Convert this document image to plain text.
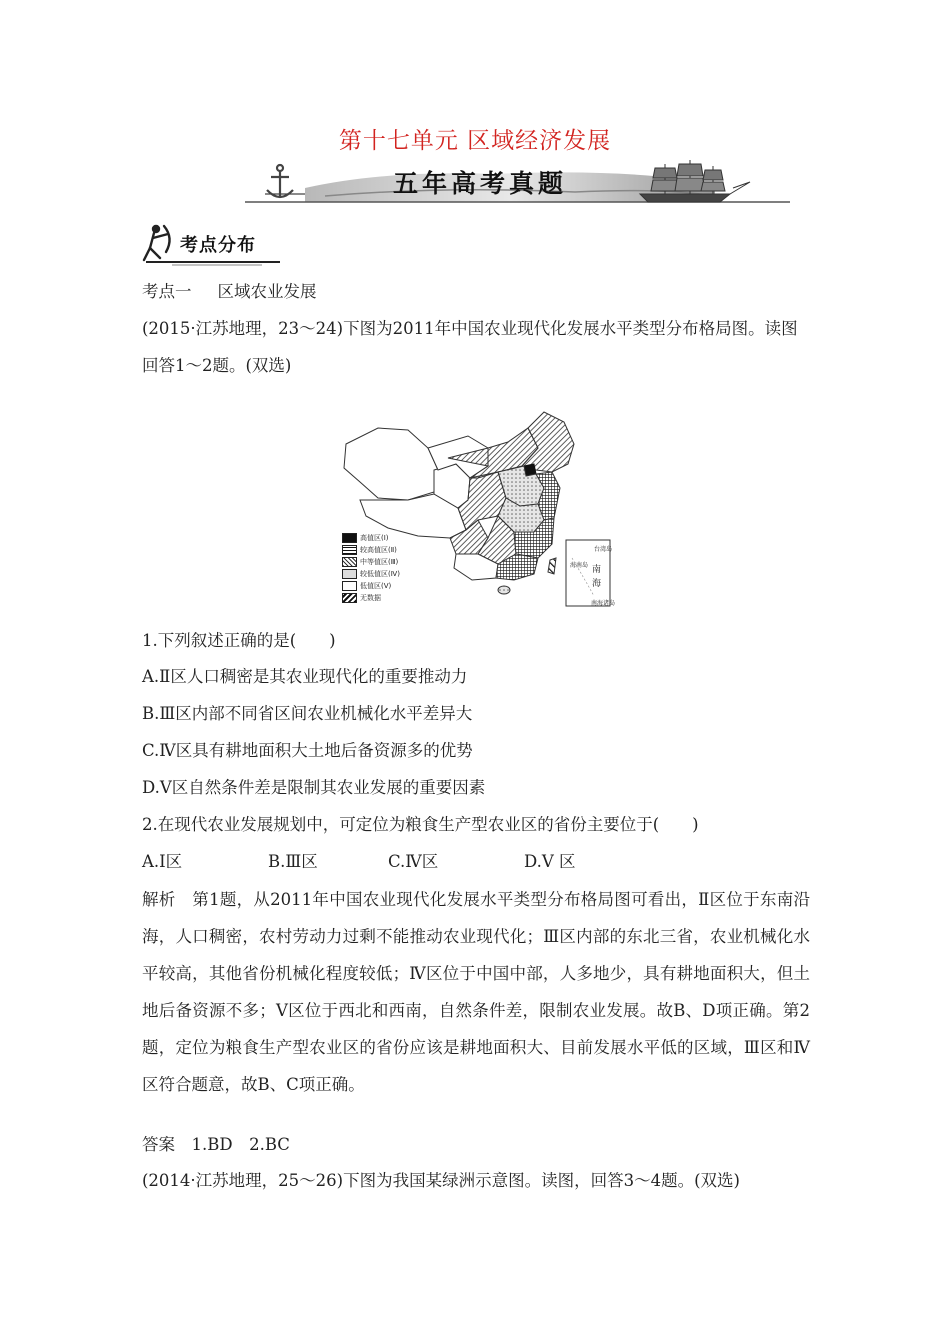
第十七单元 区域经济发展
五年高考真题
考点分布
考点一 区域农业发展
(2015·江苏地理，23～24)下图为2011年中国农业现代化发展水平类型分布格局图。读图
回答1～2题。(双选)
高值区(Ⅰ)
较高值区(Ⅱ)
中等值区(Ⅲ)
较低值区(Ⅳ)
低值区(Ⅴ)
无数据
台湾岛
海南岛 南
海
南海诸岛
1.下列叙述正确的是(　　)
A.Ⅱ区人口稠密是其农业现代化的重要推动力
B.Ⅲ区内部不同省区间农业机械化水平差异大
C.Ⅳ区具有耕地面积大土地后备资源多的优势
D.Ⅴ区自然条件差是限制其农业发展的重要因素
2.在现代农业发展规划中，可定位为粮食生产型农业区的省份主要位于(　　)
A.Ⅰ区	B.Ⅲ区	C.Ⅳ区	D.Ⅴ 区
解析　第1题，从2011年中国农业现代化发展水平类型分布格局图可看出，Ⅱ区位于东南沿海，人口稠密，农村劳动力过剩不能推动农业现代化；Ⅲ区内部的东北三省，农业机械化水平较高，其他省份机械化程度较低；Ⅳ区位于中国中部，人多地少，具有耕地面积大，但土地后备资源不多；Ⅴ区位于西北和西南，自然条件差，限制农业发展。故B、D项正确。第2题，定位为粮食生产型农业区的省份应该是耕地面积大、目前发展水平低的区域，Ⅲ区和Ⅳ区符合题意，故B、C项正确。
答案　1.BD　2.BC
(2014·江苏地理，25～26)下图为我国某绿洲示意图。读图，回答3～4题。(双选)
